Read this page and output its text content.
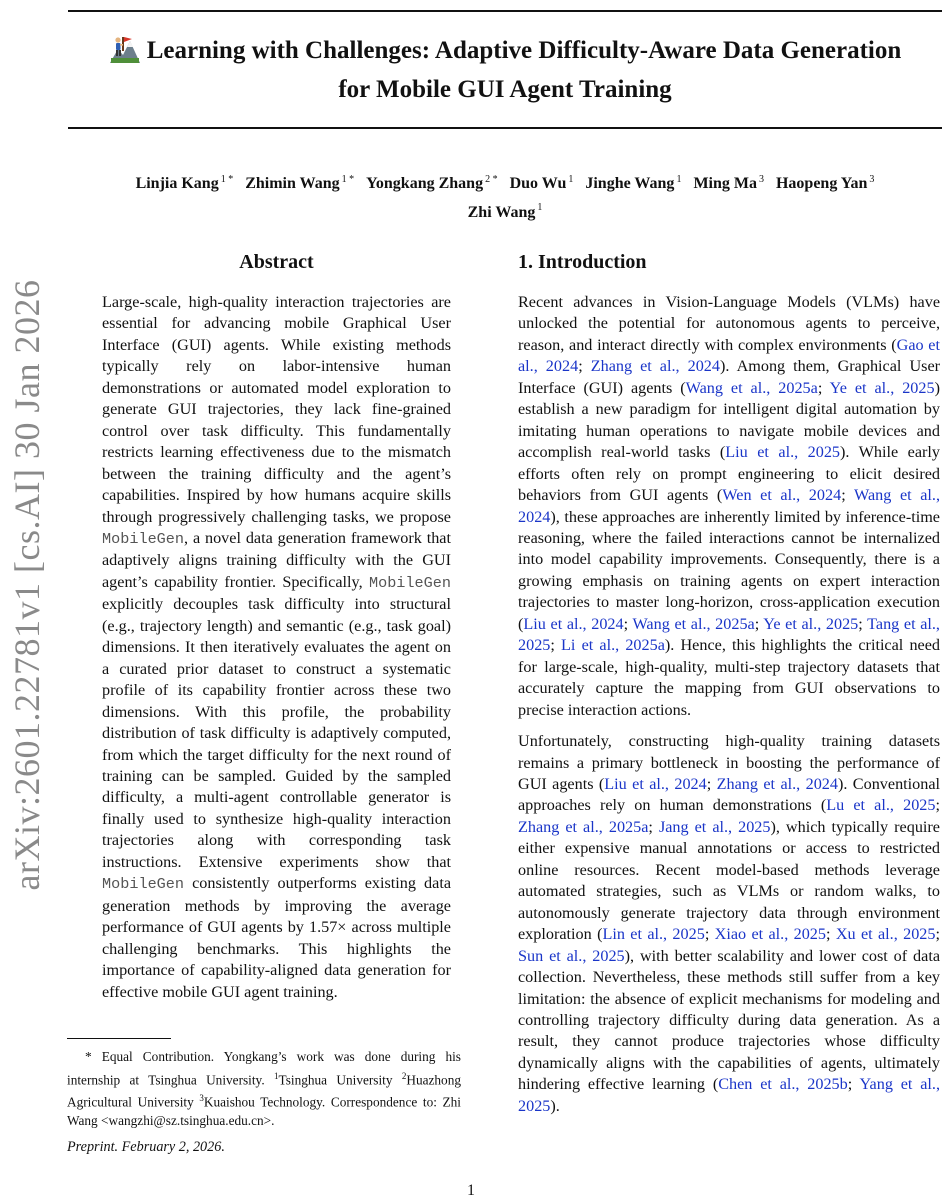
Learning with Challenges: Adaptive Difficulty-Aware Data Generation
for Mobile GUI Agent Training
Linjia Kang $^{1 *}$ Zhimin Wang $^{1 *}$ Yongkang Zhang $^{2 *}$ Duo Wu $^1$ Jinghe Wang $^1$ Ming Ma $^3$ Haopeng Yan $^3$
Zhi Wang $^1$
arXiv:2601.22781v1 [cs.AI] 30 Jan 2026
Abstract

Large-scale, high-quality interaction trajectories are essential for advancing mobile Graphical User Interface (GUI) agents. While existing methods typically rely on labor-intensive human demonstrations or automated model exploration to generate GUI trajectories, they lack fine-grained control over task difficulty. This fundamentally restricts learning effectiveness due to the mismatch between the training difficulty and the agent’s capabilities. Inspired by how humans acquire skills through progressively challenging tasks, we propose MobileGen, a novel data generation framework that adaptively aligns training difficulty with the GUI agent’s capability frontier. Specifically, MobileGen explicitly decouples task difficulty into structural (e.g., trajectory length) and semantic (e.g., task goal) dimensions. It then iteratively evaluates the agent on a curated prior dataset to construct a systematic profile of its capability frontier across these two dimensions. With this profile, the probability distribution of task difficulty is adaptively computed, from which the target difficulty for the next round of training can be sampled. Guided by the sampled difficulty, a multi-agent controllable generator is finally used to synthesize high-quality interaction trajectories along with corresponding task instructions. Extensive experiments show that MobileGen consistently outperforms existing data generation methods by improving the average performance of GUI agents by 1.57× across multiple challenging benchmarks. This highlights the importance of capability-aligned data generation for effective mobile GUI agent training.

1. Introduction

Recent advances in Vision-Language Models (VLMs) have unlocked the potential for autonomous agents to perceive, reason, and interact directly with complex environments (Gao et al., 2024; Zhang et al., 2024). Among them, Graphical User Interface (GUI) agents (Wang et al., 2025a; Ye et al., 2025) establish a new paradigm for intelligent digital automation by imitating human operations to navigate mobile devices and accomplish real-world tasks (Liu et al., 2025). While early efforts often rely on prompt engineering to elicit desired behaviors from GUI agents (Wen et al., 2024; Wang et al., 2024), these approaches are inherently limited by inference-time reasoning, where the failed interactions cannot be internalized into model capability improvements. Consequently, there is a growing emphasis on training agents on expert interaction trajectories to master long-horizon, cross-application execution (Liu et al., 2024; Wang et al., 2025a; Ye et al., 2025; Tang et al., 2025; Li et al., 2025a). Hence, this highlights the critical need for large-scale, high-quality, multi-step trajectory datasets that accurately capture the mapping from GUI observations to precise interaction actions.

Unfortunately, constructing high-quality training datasets remains a primary bottleneck in boosting the performance of GUI agents (Liu et al., 2024; Zhang et al., 2024). Conventional approaches rely on human demonstrations (Lu et al., 2025; Zhang et al., 2025a; Jang et al., 2025), which typically require either expensive manual annotations or access to restricted online resources. Recent model-based methods leverage automated strategies, such as VLMs or random walks, to autonomously generate trajectory data through environment exploration (Lin et al., 2025; Xiao et al., 2025; Xu et al., 2025; Sun et al., 2025), with better scalability and lower cost of data collection. Nevertheless, these methods still suffer from a key limitation: the absence of explicit mechanisms for modeling and controlling trajectory difficulty during data generation. As a result, they cannot produce trajectories whose difficulty dynamically aligns with the capabilities of agents, ultimately hindering effective learning (Chen et al., 2025b; Yang et al., 2025).

* Equal Contribution. Yongkang’s work was done during his internship at Tsinghua University. $^1$Tsinghua University $^2$Huazhong Agricultural University $^3$Kuaishou Technology. Correspondence to: Zhi Wang <wangzhi@sz.tsinghua.edu.cn>.

Preprint. February 2, 2026.
1
